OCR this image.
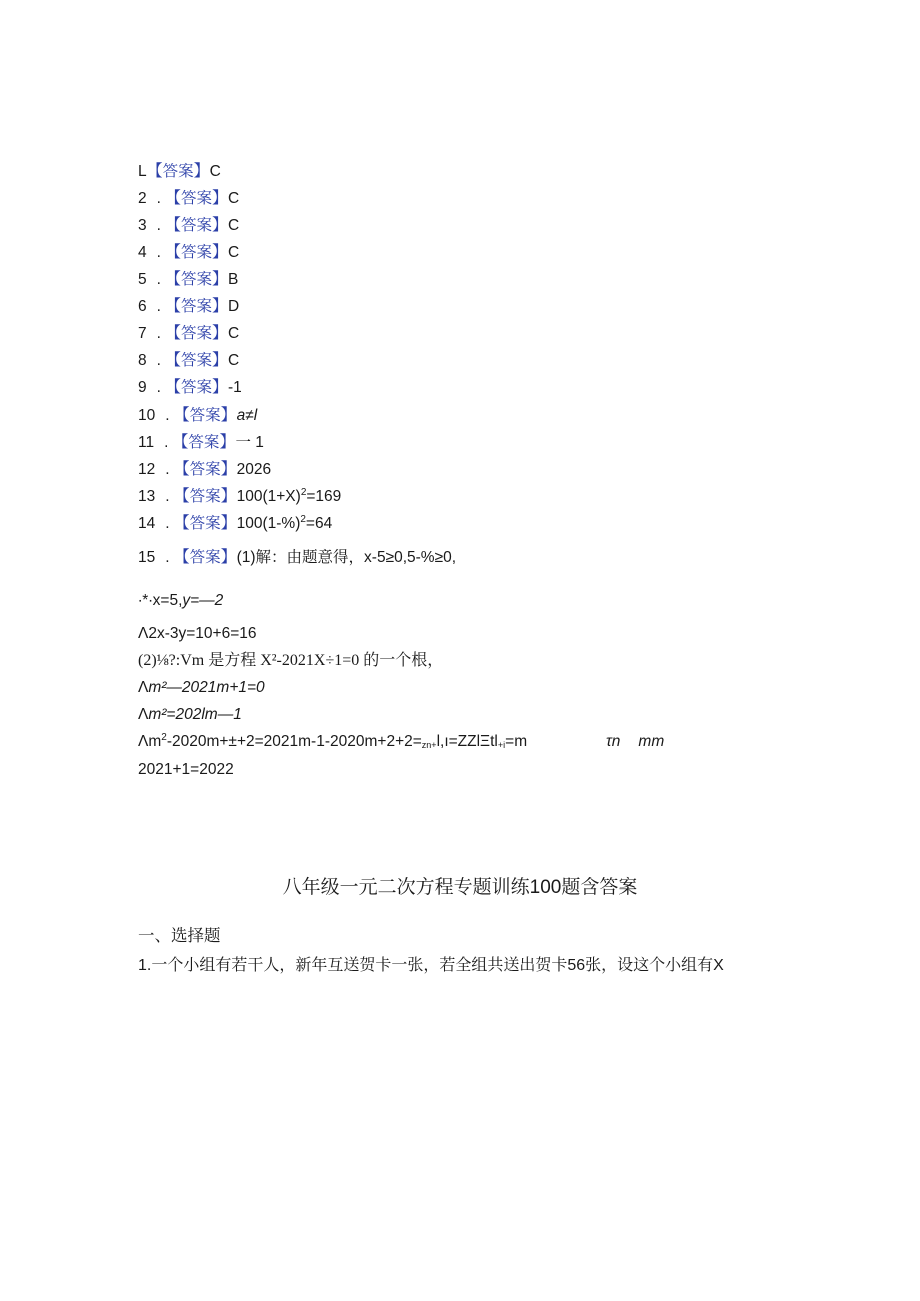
L【答案】C
2 . 【答案】C
3 . 【答案】C
4 . 【答案】C
5 . 【答案】B
6 . 【答案】D
7 . 【答案】C
8 . 【答案】C
9 . 【答案】-1
10 . 【答案】a≠l
11 . 【答案】一 1
12 . 【答案】2026
13 . 【答案】$100(1+X)^2=169$
14 . 【答案】$100(1-\%)^2=64$
15 . 【答案】(1)解：由题意得，x-5≥0,5-%≥0,
∙*∙x=5,y=—2
Λ2x-3y=10+6=16
(2)⅛?:Vm 是方程 X²-2021X÷1=0 的一个根，
Λm²—2021m+1=0
Λm²=202lm—1
$\Lambda m^2-2020m+\pm+2=2021m-1-2020m+2+2=_{zn+}l,ı=ZZl\Xi tl_{+i}=m$	τn mm
2021+1=2022
八年级一元二次方程专题训练100题含答案
一、选择题
1.一个小组有若干人，新年互送贺卡一张，若全组共送出贺卡56张，设这个小组有X
